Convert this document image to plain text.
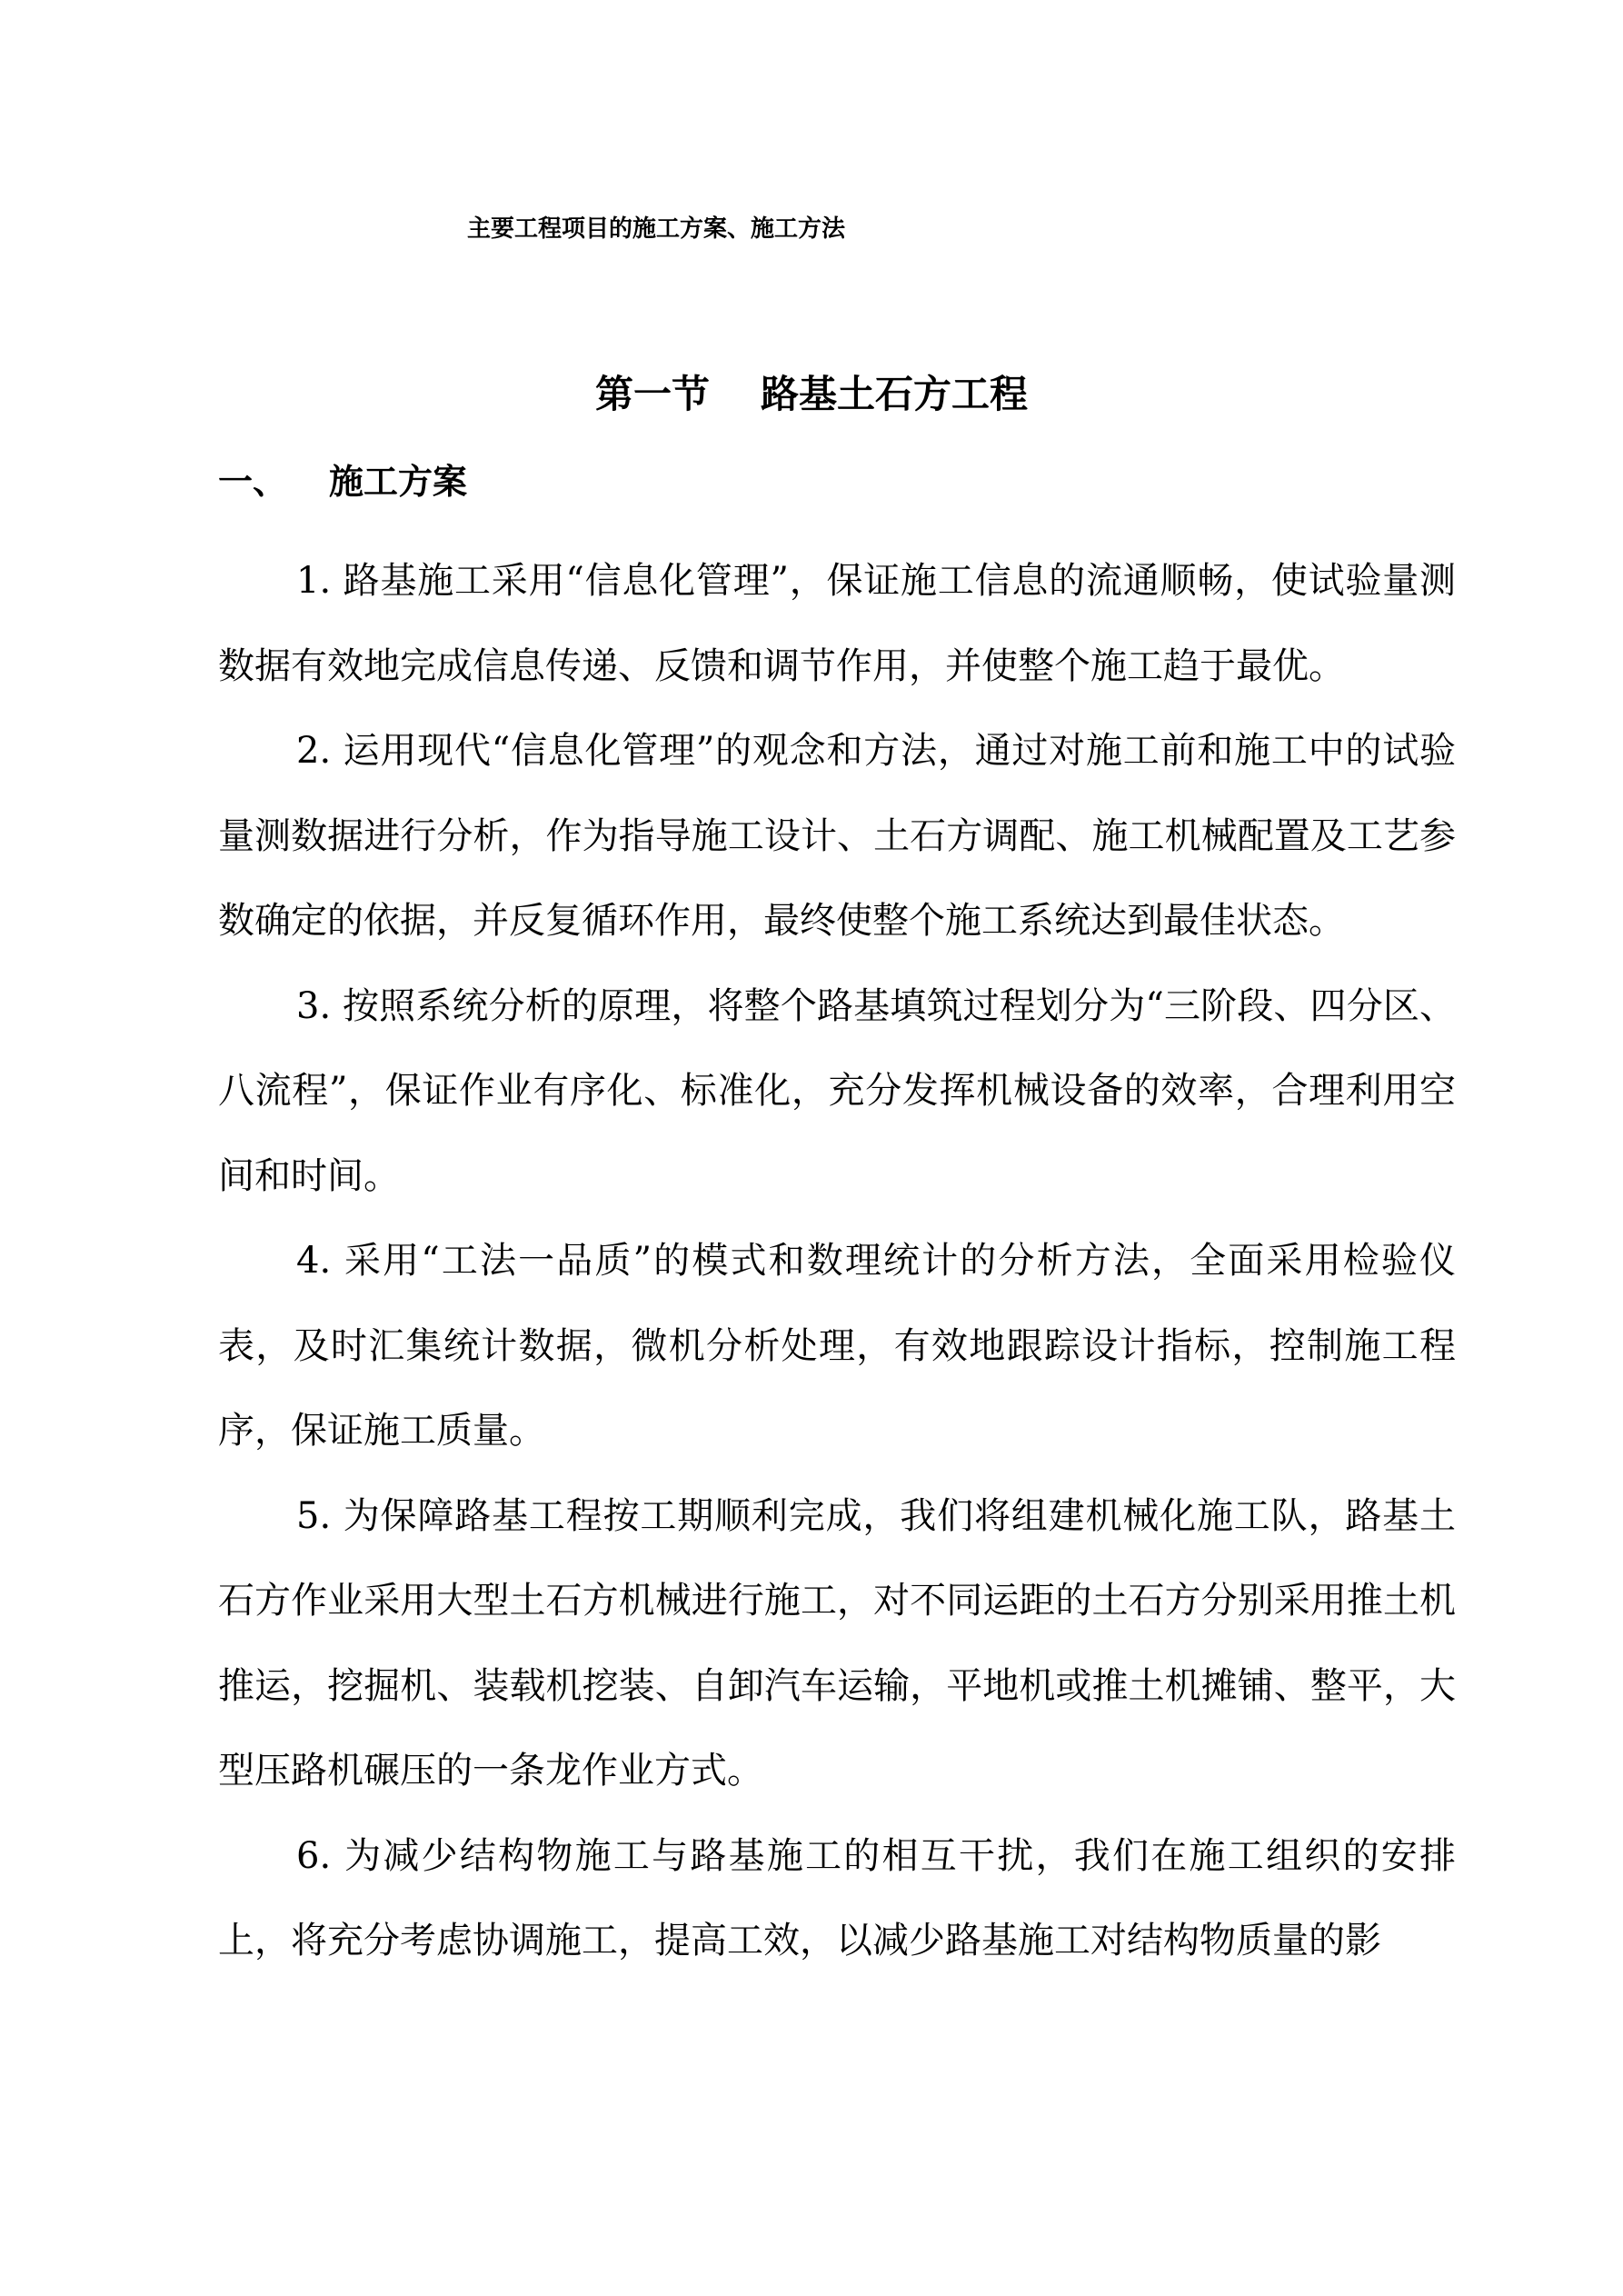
主要工程项目的施工方案、施工方法
第一节 路基土石方工程
一、 施工方案

1. 路基施工采用“信息化管理”，保证施工信息的流通顺畅，使试验量测数据有效地完成信息传递、反馈和调节作用，并使整个施工趋于最优。

2. 运用现代“信息化管理”的观念和方法，通过对施工前和施工中的试验量测数据进行分析，作为指导施工设计、土石方调配、施工机械配置及工艺参数确定的依据，并反复循环作用，最终使整个施工系统达到最佳状态。

3. 按照系统分析的原理，将整个路基填筑过程划分为“三阶段、四分区、八流程”，保证作业有序化、标准化，充分发挥机械设备的效率，合理利用空间和时间。

4. 采用“工法一品质”的模式和数理统计的分析方法，全面采用检验仪表，及时汇集统计数据，微机分析处理，有效地跟踪设计指标，控制施工程序，保证施工质量。

5. 为保障路基工程按工期顺利完成，我们将组建机械化施工队，路基土石方作业采用大型土石方机械进行施工，对不同运距的土石方分别采用推土机推运，挖掘机、装载机挖装、自卸汽车运输，平地机或推土机摊铺、整平，大型压路机碾压的一条龙作业方式。

6. 为减少结构物施工与路基施工的相互干扰，我们在施工组织的安排上，将充分考虑协调施工，提高工效，以减少路基施工对结构物质量的影
